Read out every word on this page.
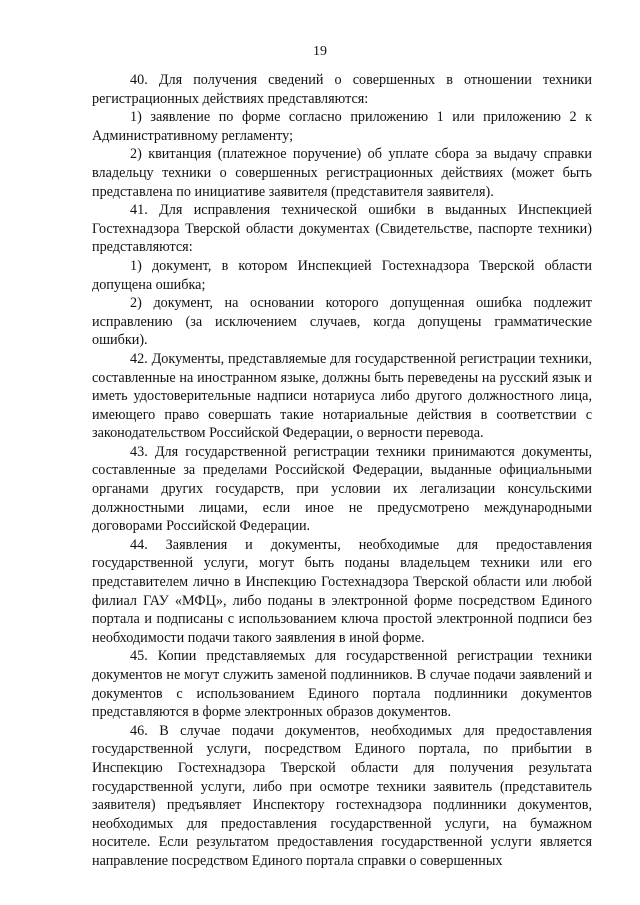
19

40. Для получения сведений о совершенных в отношении техники регистрационных действиях представляются:

1) заявление по форме согласно приложению 1 или приложению 2 к Административному регламенту;

2) квитанция (платежное поручение) об уплате сбора за выдачу справки владельцу техники о совершенных регистрационных действиях (может быть представлена по инициативе заявителя (представителя заявителя).

41. Для исправления технической ошибки в выданных Инспекцией Гостехнадзора Тверской области документах (Свидетельстве, паспорте техники) представляются:

1) документ, в котором Инспекцией Гостехнадзора Тверской области допущена ошибка;

2) документ, на основании которого допущенная ошибка подлежит исправлению (за исключением случаев, когда допущены грамматические ошибки).

42. Документы, представляемые для государственной регистрации техники, составленные на иностранном языке, должны быть переведены на русский язык и иметь удостоверительные надписи нотариуса либо другого должностного лица, имеющего право совершать такие нотариальные действия в соответствии с законодательством Российской Федерации, о верности перевода.

43. Для государственной регистрации техники принимаются документы, составленные за пределами Российской Федерации, выданные официальными органами других государств, при условии их легализации консульскими должностными лицами, если иное не предусмотрено международными договорами Российской Федерации.

44. Заявления и документы, необходимые для предоставления государственной услуги, могут быть поданы владельцем техники или его представителем лично в Инспекцию Гостехнадзора Тверской области или любой филиал ГАУ «МФЦ», либо поданы в электронной форме посредством Единого портала и подписаны с использованием ключа простой электронной подписи без необходимости подачи такого заявления в иной форме.

45. Копии представляемых для государственной регистрации техники документов не могут служить заменой подлинников. В случае подачи заявлений и документов с использованием Единого портала подлинники документов представляются в форме электронных образов документов.

46. В случае подачи документов, необходимых для предоставления государственной услуги, посредством Единого портала, по прибытии в Инспекцию Гостехнадзора Тверской области для получения результата государственной услуги, либо при осмотре техники заявитель (представитель заявителя) предъявляет Инспектору гостехнадзора подлинники документов, необходимых для предоставления государственной услуги, на бумажном носителе. Если результатом предоставления государственной услуги является направление посредством Единого портала справки о совершенных
